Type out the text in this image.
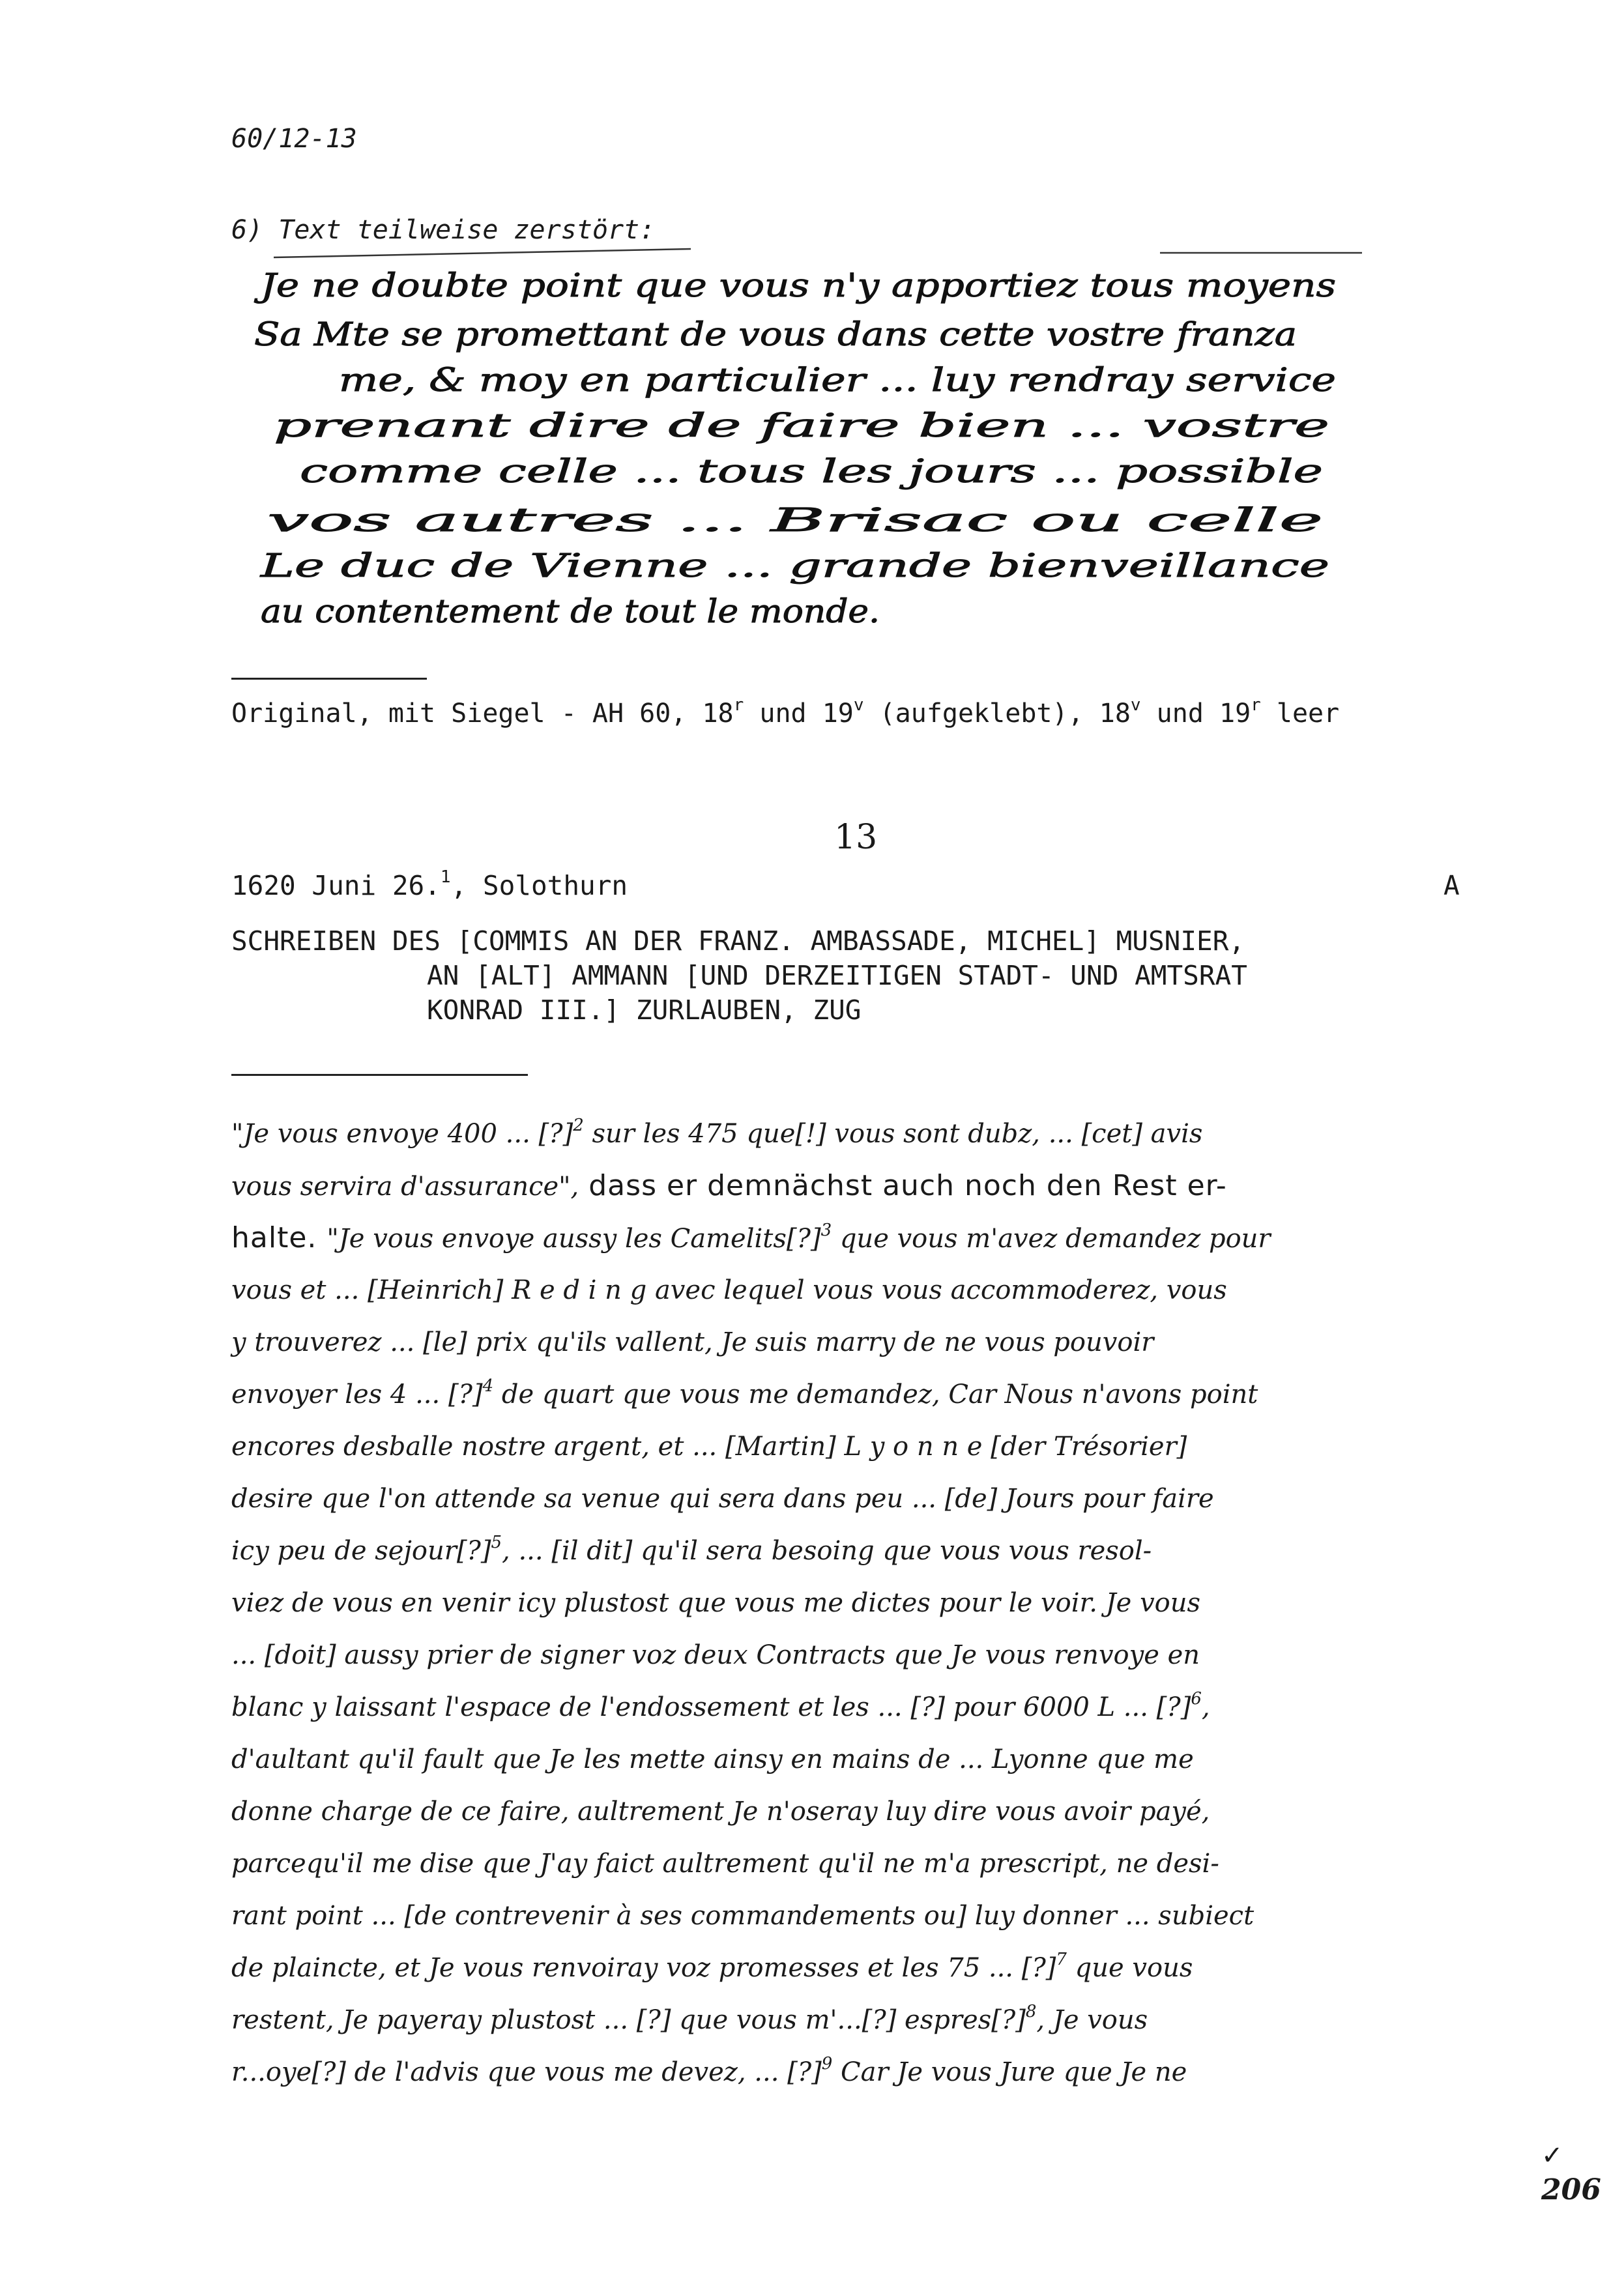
60/12-13
6) Text teilweise zerstört:
Je ne doubte point que vous n'y apportiez tous moyens
Sa Mte se promettant de vous dans cette vostre franza
me, & moy en particulier ... luy rendray service
prenant dire de faire bien ... vostre
comme celle ... tous les jours ... possible
vos autres ... Brisac ou celle
Le duc de Vienne ... grande bienveillance
au contentement de tout le monde.
Original, mit Siegel - AH 60, 18$^r$ und 19$^v$ (aufgeklebt), 18$^v$ und 19$^r$ leer
13
1620 Juni 26.$^1$, Solothurn	A
SCHREIBEN DES [COMMIS AN DER FRANZ. AMBASSADE, MICHEL] MUSNIER,
AN [ALT] AMMANN [UND DERZEITIGEN STADT- UND AMTSRAT
KONRAD III.] ZURLAUBEN, ZUG
"Je vous envoye 400 ... [?]$^2$ sur les 475 que[!] vous sont dubz, ... [cet] avis
vous servira d'assurance", dass er demnächst auch noch den Rest er-
halte. "Je vous envoye aussy les Camelits[?]$^3$ que vous m'avez demandez pour
vous et ... [Heinrich] R e d i n g avec lequel vous vous accommoderez, vous
y trouverez ... [le] prix qu'ils vallent, Je suis marry de ne vous pouvoir
envoyer les 4 ... [?]$^4$ de quart que vous me demandez, Car Nous n'avons point
encores desballe nostre argent, et ... [Martin] L y o n n e [der Trésorier]
desire que l'on attende sa venue qui sera dans peu ... [de] Jours pour faire
icy peu de sejour[?]$^5$, ... [il dit] qu'il sera besoing que vous vous resol-
viez de vous en venir icy plustost que vous me dictes pour le voir. Je vous
... [doit] aussy prier de signer voz deux Contracts que Je vous renvoye en
blanc y laissant l'espace de l'endossement et les ... [?] pour 6000 L ... [?]$^6$,
d'aultant qu'il fault que Je les mette ainsy en mains de ... Lyonne que me
donne charge de ce faire, aultrement Je n'oseray luy dire vous avoir payé,
parcequ'il me dise que J'ay faict aultrement qu'il ne m'a prescript, ne desi-
rant point ... [de contrevenir à ses commandements ou] luy donner ... subiect
de plaincte, et Je vous renvoiray voz promesses et les 75 ... [?]$^7$ que vous
restent, Je payeray plustost ... [?] que vous m'...[?] espres[?]$^8$, Je vous
r...oye[?] de l'advis que vous me devez, ... [?]$^9$ Car Je vous Jure que Je ne
✓
206
